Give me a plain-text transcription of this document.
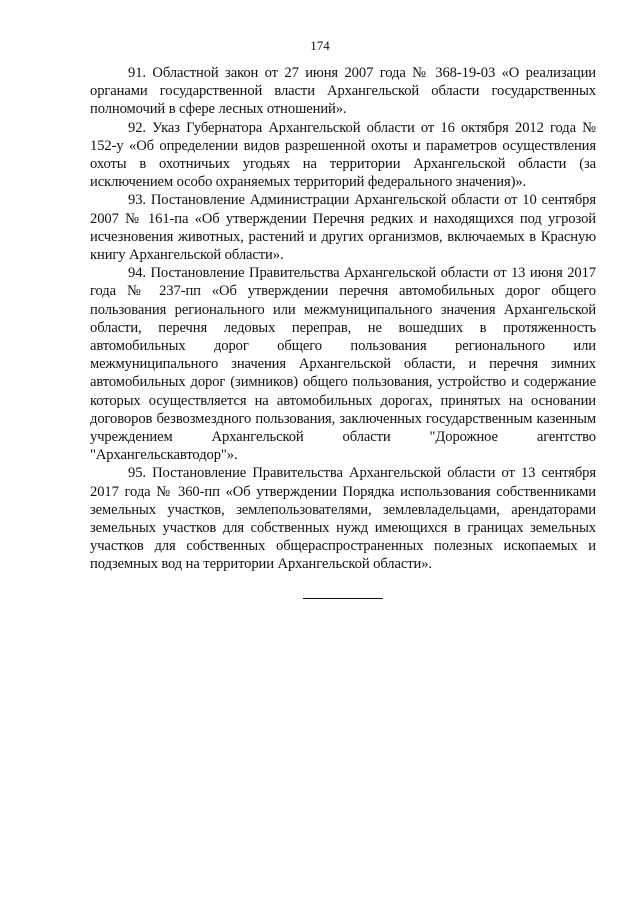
174

91. Областной закон от 27 июня 2007 года № 368-19-03 «О реализации органами государственной власти Архангельской области государственных полномочий в сфере лесных отношений».

92. Указ Губернатора Архангельской области от 16 октября 2012 года № 152-у «Об определении видов разрешенной охоты и параметров осуществления охоты в охотничьих угодьях на территории Архангельской области (за исключением особо охраняемых территорий федерального значения)».

93. Постановление Администрации Архангельской области от 10 сентября 2007 № 161-па «Об утверждении Перечня редких и находящихся под угрозой исчезновения животных, растений и других организмов, включаемых в Красную книгу Архангельской области».

94. Постановление Правительства Архангельской области от 13 июня 2017 года № 237-пп «Об утверждении перечня автомобильных дорог общего пользования регионального или межмуниципального значения Архангельской области, перечня ледовых переправ, не вошедших в протяженность автомобильных дорог общего пользования регионального или межмуниципального значения Архангельской области, и перечня зимних автомобильных дорог (зимников) общего пользования, устройство и содержание которых осуществляется на автомобильных дорогах, принятых на основании договоров безвозмездного пользования, заключенных государственным казенным учреждением Архангельской области "Дорожное агентство "Архангельскавтодор"».

95. Постановление Правительства Архангельской области от 13 сентября 2017 года № 360-пп «Об утверждении Порядка использования собственниками земельных участков, землепользователями, землевладельцами, арендаторами земельных участков для собственных нужд имеющихся в границах земельных участков для собственных общераспространенных полезных ископаемых и подземных вод на территории Архангельской области».
